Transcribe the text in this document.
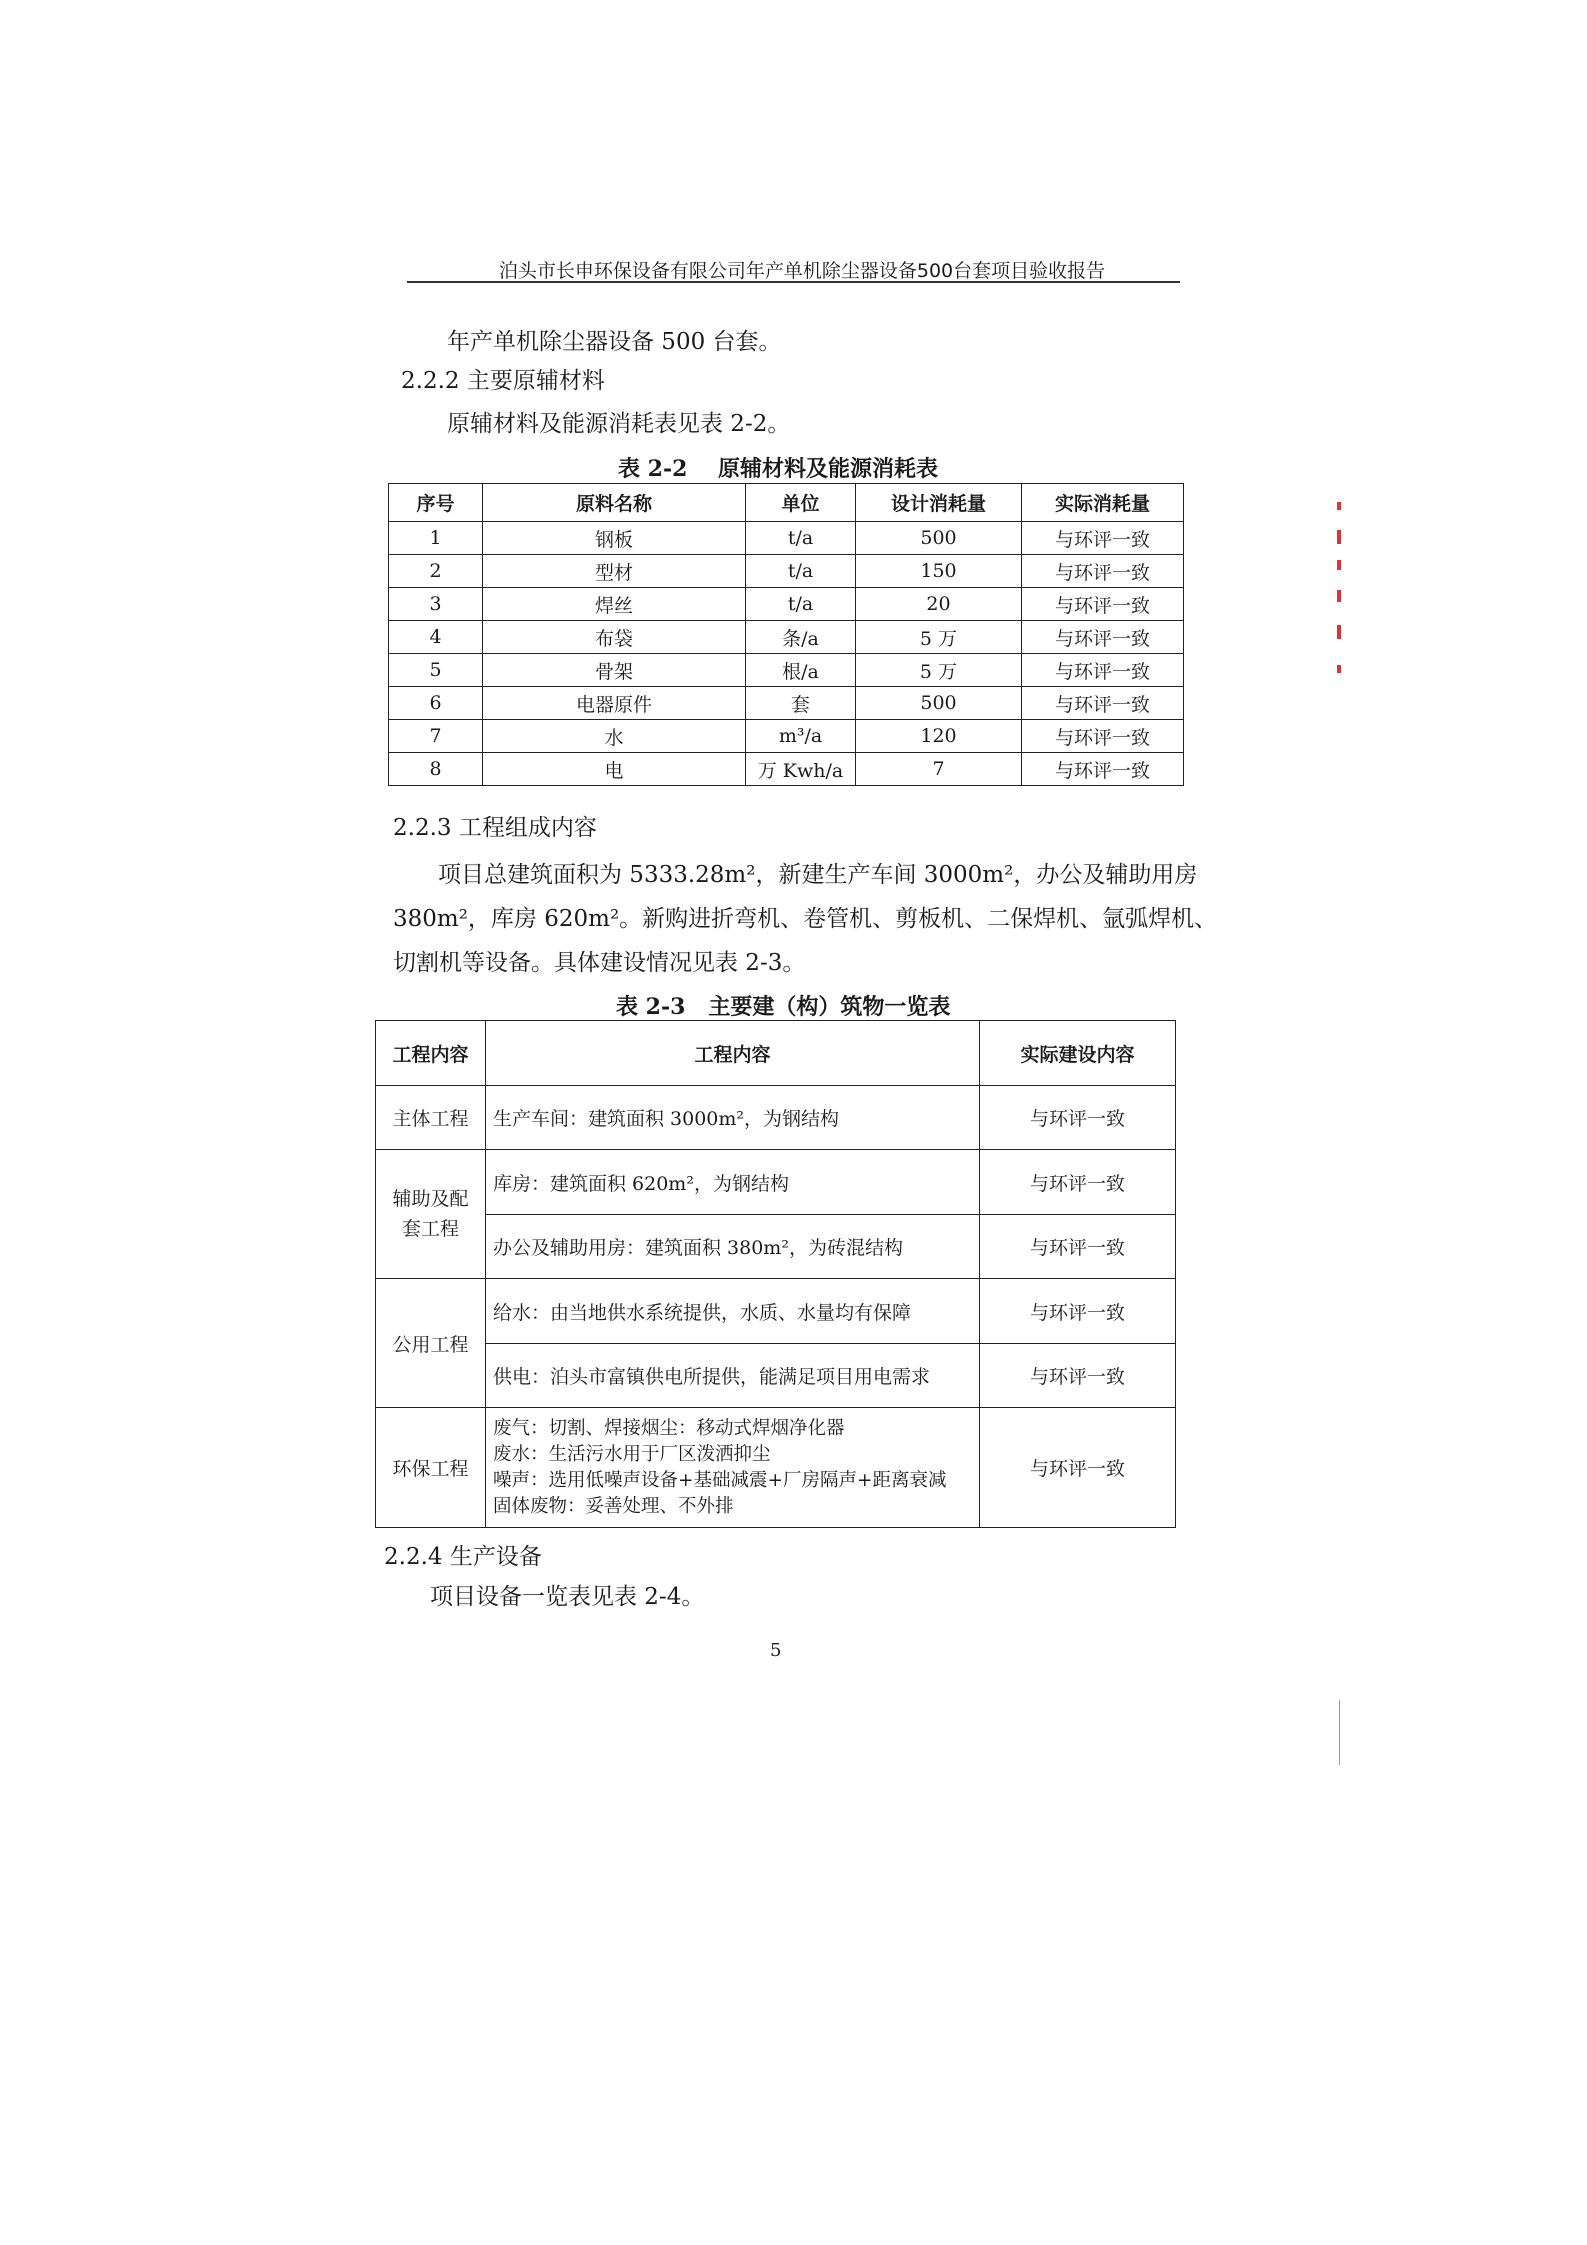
泊头市长申环保设备有限公司年产单机除尘器设备500台套项目验收报告
年产单机除尘器设备 500 台套。
2.2.2 主要原辅材料
原辅材料及能源消耗表见表 2-2。
表 2-2    原辅材料及能源消耗表
序号	原料名称	单位	设计消耗量	实际消耗量
1	钢板	t/a	500	与环评一致
2	型材	t/a	150	与环评一致
3	焊丝	t/a	20	与环评一致
4	布袋	条/a	5 万	与环评一致
5	骨架	根/a	5 万	与环评一致
6	电器原件	套	500	与环评一致
7	水	m³/a	120	与环评一致
8	电	万 Kwh/a	7	与环评一致
2.2.3 工程组成内容
项目总建筑面积为 5333.28m²，新建生产车间 3000m²，办公及辅助用房
380m²，库房 620m²。新购进折弯机、卷管机、剪板机、二保焊机、氩弧焊机、
切割机等设备。具体建设情况见表 2-3。
表 2-3   主要建（构）筑物一览表
工程内容	工程内容	实际建设内容
主体工程	生产车间：建筑面积 3000m²，为钢结构	与环评一致
辅助及配
套工程	库房：建筑面积 620m²，为钢结构	与环评一致
	办公及辅助用房：建筑面积 380m²，为砖混结构	与环评一致
公用工程	给水：由当地供水系统提供，水质、水量均有保障	与环评一致
	供电：泊头市富镇供电所提供，能满足项目用电需求	与环评一致
环保工程	废气：切割、焊接烟尘：移动式焊烟净化器
废水：生活污水用于厂区泼洒抑尘
噪声：选用低噪声设备+基础减震+厂房隔声+距离衰减
固体废物：妥善处理、不外排	与环评一致
2.2.4 生产设备
项目设备一览表见表 2-4。
5
